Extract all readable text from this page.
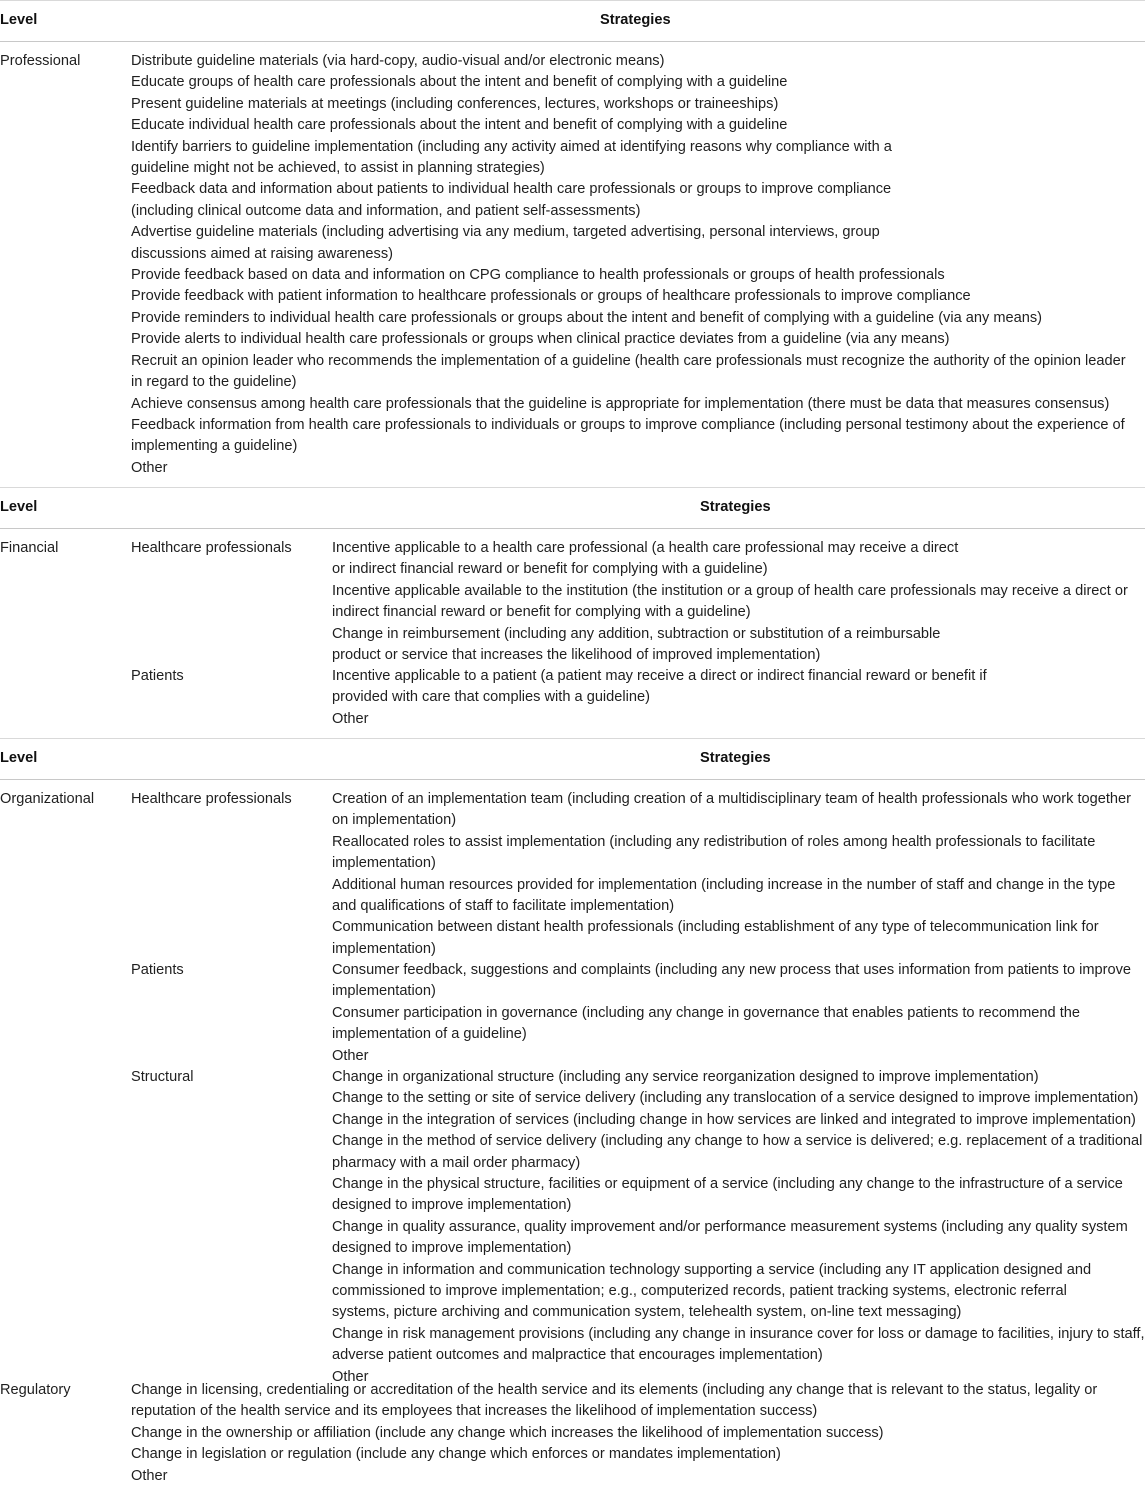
Level	Strategies
Professional	Distribute guideline materials (via hard-copy, audio-visual and/or electronic means)
Educate groups of health care professionals about the intent and benefit of complying with a guideline
Present guideline materials at meetings (including conferences, lectures, workshops or traineeships)
Educate individual health care professionals about the intent and benefit of complying with a guideline
Identify barriers to guideline implementation (including any activity aimed at identifying reasons why compliance with a
guideline might not be achieved, to assist in planning strategies)
Feedback data and information about patients to individual health care professionals or groups to improve compliance
(including clinical outcome data and information, and patient self-assessments)
Advertise guideline materials (including advertising via any medium, targeted advertising, personal interviews, group
discussions aimed at raising awareness)
Provide feedback based on data and information on CPG compliance to health professionals or groups of health professionals
Provide feedback with patient information to healthcare professionals or groups of healthcare professionals to improve compliance
Provide reminders to individual health care professionals or groups about the intent and benefit of complying with a guideline (via any means)
Provide alerts to individual health care professionals or groups when clinical practice deviates from a guideline (via any means)
Recruit an opinion leader who recommends the implementation of a guideline (health care professionals must recognize the authority of the opinion leader
in regard to the guideline)
Achieve consensus among health care professionals that the guideline is appropriate for implementation (there must be data that measures consensus)
Feedback information from health care professionals to individuals or groups to improve compliance (including personal testimony about the experience of
implementing a guideline)
Other
Level	Strategies
Financial	Healthcare professionals	Incentive applicable to a health care professional (a health care professional may receive a direct
or indirect financial reward or benefit for complying with a guideline)
Incentive applicable available to the institution (the institution or a group of health care professionals may receive a direct or
indirect financial reward or benefit for complying with a guideline)
Change in reimbursement (including any addition, subtraction or substitution of a reimbursable
product or service that increases the likelihood of improved implementation)
Patients	Incentive applicable to a patient (a patient may receive a direct or indirect financial reward or benefit if
provided with care that complies with a guideline)
Other
Level	Strategies
Organizational	Healthcare professionals	Creation of an implementation team (including creation of a multidisciplinary team of health professionals who work together
on implementation)
Reallocated roles to assist implementation (including any redistribution of roles among health professionals to facilitate
implementation)
Additional human resources provided for implementation (including increase in the number of staff and change in the type
and qualifications of staff to facilitate implementation)
Communication between distant health professionals (including establishment of any type of telecommunication link for
implementation)
Patients	Consumer feedback, suggestions and complaints (including any new process that uses information from patients to improve
implementation)
Consumer participation in governance (including any change in governance that enables patients to recommend the
implementation of a guideline)
Other
Structural	Change in organizational structure (including any service reorganization designed to improve implementation)
Change to the setting or site of service delivery (including any translocation of a service designed to improve implementation)
Change in the integration of services (including change in how services are linked and integrated to improve implementation)
Change in the method of service delivery (including any change to how a service is delivered; e.g. replacement of a traditional
pharmacy with a mail order pharmacy)
Change in the physical structure, facilities or equipment of a service (including any change to the infrastructure of a service
designed to improve implementation)
Change in quality assurance, quality improvement and/or performance measurement systems (including any quality system
designed to improve implementation)
Change in information and communication technology supporting a service (including any IT application designed and
commissioned to improve implementation; e.g., computerized records, patient tracking systems, electronic referral
systems, picture archiving and communication system, telehealth system, on-line text messaging)
Change in risk management provisions (including any change in insurance cover for loss or damage to facilities, injury to staff,
adverse patient outcomes and malpractice that encourages implementation)
Other
Regulatory	Change in licensing, credentialing or accreditation of the health service and its elements (including any change that is relevant to the status, legality or
reputation of the health service and its employees that increases the likelihood of implementation success)
Change in the ownership or affiliation (include any change which increases the likelihood of implementation success)
Change in legislation or regulation (include any change which enforces or mandates implementation)
Other
